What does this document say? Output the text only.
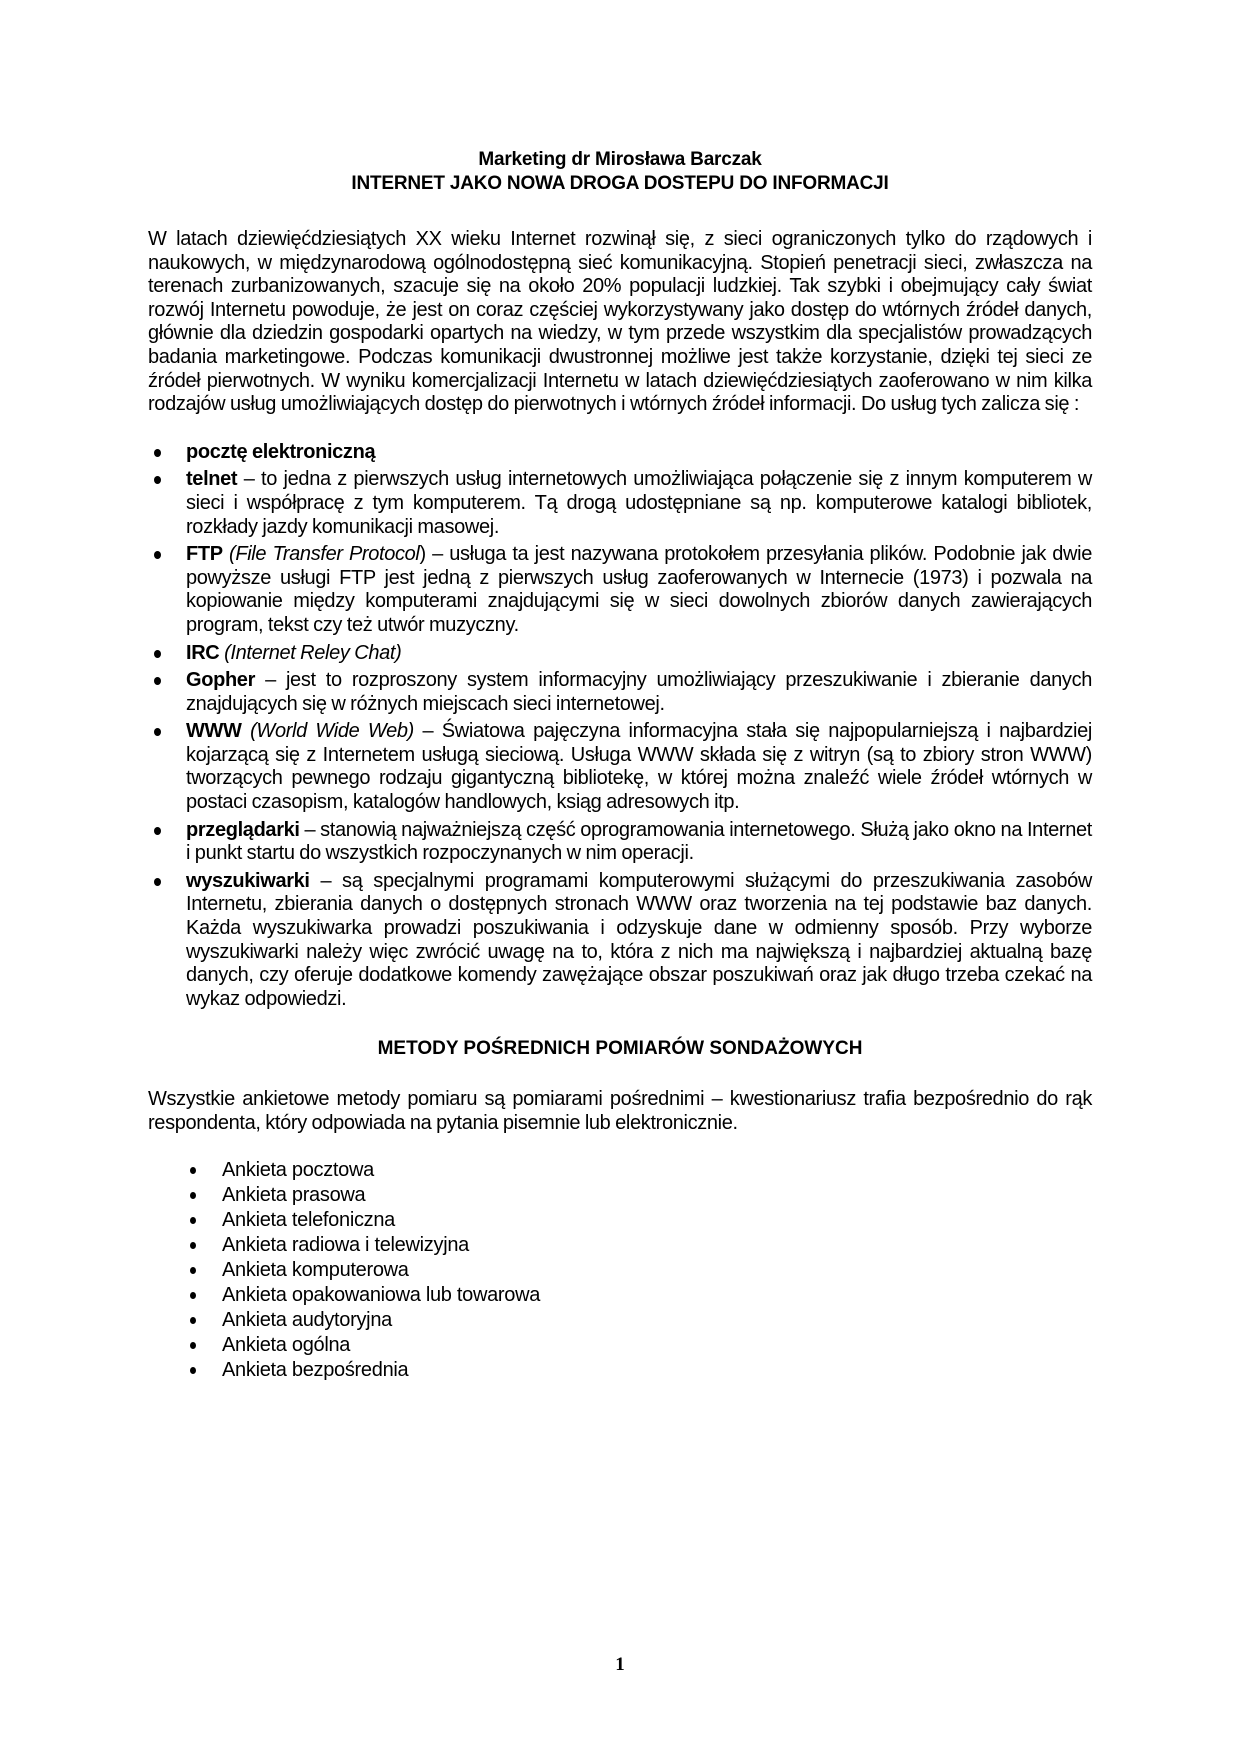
Marketing dr Mirosława Barczak
INTERNET JAKO NOWA DROGA DOSTEPU DO INFORMACJI

W latach dziewięćdziesiątych XX wieku Internet rozwinął się, z sieci ograniczonych tylko do rządowych i naukowych, w międzynarodową ogólnodostępną sieć komunikacyjną. Stopień penetracji sieci, zwłaszcza na terenach zurbanizowanych, szacuje się na około 20% populacji ludzkiej. Tak szybki i obejmujący cały świat rozwój Internetu powoduje, że jest on coraz częściej wykorzystywany jako dostęp do wtórnych źródeł danych, głównie dla dziedzin gospodarki opartych na wiedzy, w tym przede wszystkim dla specjalistów prowadzących badania marketingowe. Podczas komunikacji dwustronnej możliwe jest także korzystanie, dzięki tej sieci ze źródeł pierwotnych. W wyniku komercjalizacji Internetu w latach dziewięćdziesiątych zaoferowano w nim kilka rodzajów usług umożliwiających dostęp do pierwotnych i wtórnych źródeł informacji. Do usług tych zalicza się :

pocztę elektroniczną
telnet – to jedna z pierwszych usług internetowych umożliwiająca połączenie się z innym komputerem w sieci i współpracę z tym komputerem. Tą drogą udostępniane są np. komputerowe katalogi bibliotek, rozkłady jazdy komunikacji masowej.
FTP (File Transfer Protocol) – usługa ta jest nazywana protokołem przesyłania plików. Podobnie jak dwie powyższe usługi FTP jest jedną z pierwszych usług zaoferowanych w Internecie (1973) i pozwala na kopiowanie między komputerami znajdującymi się w sieci dowolnych zbiorów danych zawierających program, tekst czy też utwór muzyczny.
IRC (Internet Reley Chat)
Gopher – jest to rozproszony system informacyjny umożliwiający przeszukiwanie i zbieranie danych znajdujących się w różnych miejscach sieci internetowej.
WWW (World Wide Web) – Światowa pajęczyna informacyjna stała się najpopularniejszą i najbardziej kojarzącą się z Internetem usługą sieciową. Usługa WWW składa się z witryn (są to zbiory stron WWW) tworzących pewnego rodzaju gigantyczną bibliotekę, w której można znaleźć wiele źródeł wtórnych w postaci czasopism, katalogów handlowych, ksiąg adresowych itp.
przeglądarki – stanowią najważniejszą część oprogramowania internetowego. Służą jako okno na Internet i punkt startu do wszystkich rozpoczynanych w nim operacji.
wyszukiwarki – są specjalnymi programami komputerowymi służącymi do przeszukiwania zasobów Internetu, zbierania danych o dostępnych stronach WWW oraz tworzenia na tej podstawie baz danych. Każda wyszukiwarka prowadzi poszukiwania i odzyskuje dane w odmienny sposób. Przy wyborze wyszukiwarki należy więc zwrócić uwagę na to, która z nich ma największą i najbardziej aktualną bazę danych, czy oferuje dodatkowe komendy zawężające obszar poszukiwań oraz jak długo trzeba czekać na wykaz odpowiedzi.
METODY POŚREDNICH POMIARÓW SONDAŻOWYCH

Wszystkie ankietowe metody pomiaru są pomiarami pośrednimi – kwestionariusz trafia bezpośrednio do rąk respondenta, który odpowiada na pytania pisemnie lub elektronicznie.

Ankieta pocztowa
Ankieta prasowa
Ankieta telefoniczna
Ankieta radiowa i telewizyjna
Ankieta komputerowa
Ankieta opakowaniowa lub towarowa
Ankieta audytoryjna
Ankieta ogólna
Ankieta bezpośrednia
1
